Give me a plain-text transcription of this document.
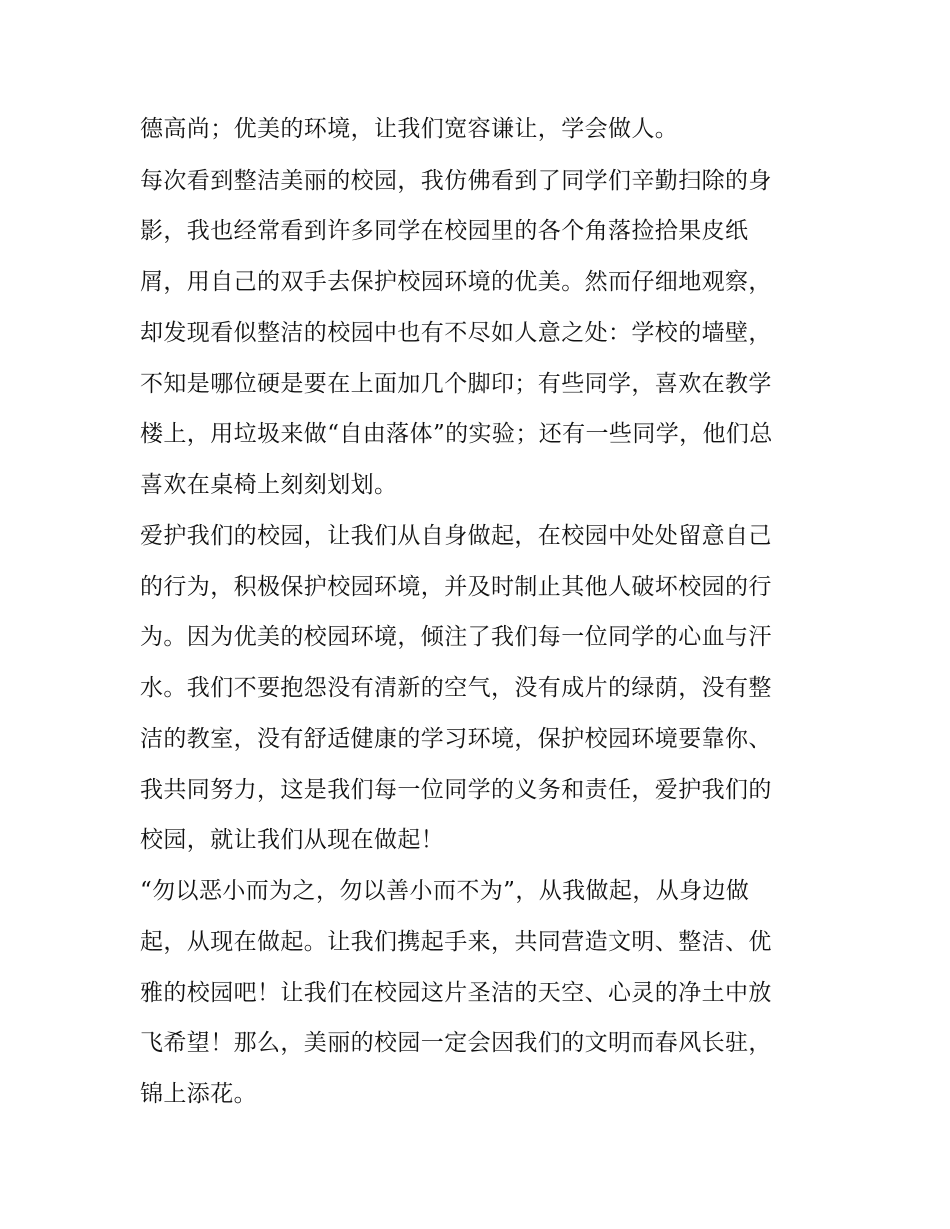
德高尚；优美的环境，让我们宽容谦让，学会做人。
每次看到整洁美丽的校园，我仿佛看到了同学们辛勤扫除的身
影，我也经常看到许多同学在校园里的各个角落捡拾果皮纸
屑，用自己的双手去保护校园环境的优美。然而仔细地观察，
却发现看似整洁的校园中也有不尽如人意之处：学校的墙壁，
不知是哪位硬是要在上面加几个脚印；有些同学，喜欢在教学
楼上，用垃圾来做“自由落体”的实验；还有一些同学，他们总
喜欢在桌椅上刻刻划划。
爱护我们的校园，让我们从自身做起，在校园中处处留意自己
的行为，积极保护校园环境，并及时制止其他人破坏校园的行
为。因为优美的校园环境，倾注了我们每一位同学的心血与汗
水。我们不要抱怨没有清新的空气，没有成片的绿荫，没有整
洁的教室，没有舒适健康的学习环境，保护校园环境要靠你、
我共同努力，这是我们每一位同学的义务和责任，爱护我们的
校园，就让我们从现在做起！
“勿以恶小而为之，勿以善小而不为”，从我做起，从身边做
起，从现在做起。让我们携起手来，共同营造文明、整洁、优
雅的校园吧！让我们在校园这片圣洁的天空、心灵的净土中放
飞希望！那么，美丽的校园一定会因我们的文明而春风长驻，
锦上添花。
